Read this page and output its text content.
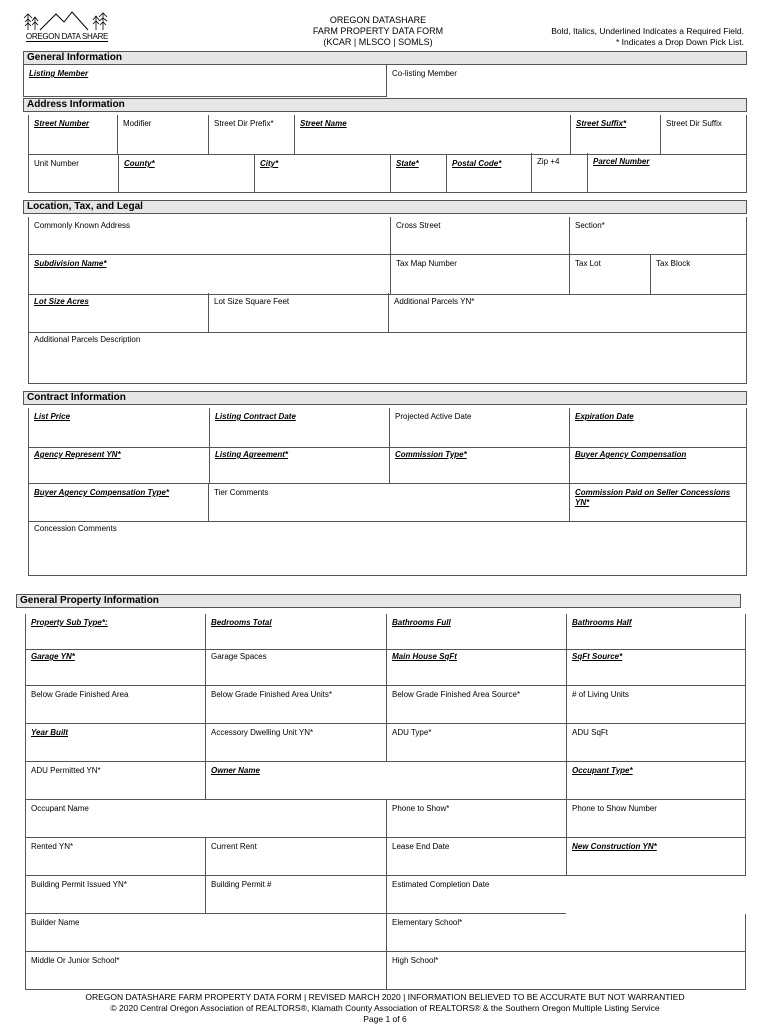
OREGON DATA SHARE
OREGON DATASHARE
FARM PROPERTY DATA FORM
(KCAR | MLSCO | SOMLS)
Bold, Italics, Underlined Indicates a Required Field.
* Indicates a Drop Down Pick List.
General Information
Listing Member	Co-listing Member
Address Information
Street Number	Modifier	Street Dir Prefix*	Street Name	Street Suffix*	Street Dir Suffix
Unit Number	County*	City*	State*	Postal Code*	Zip +4	Parcel Number
Location, Tax, and Legal
Commonly Known Address	Cross Street	Section*
Subdivision Name*	Tax Map Number	Tax Lot	Tax Block
Lot Size Acres	Lot Size Square Feet	Additional Parcels YN*
Additional Parcels Description
Contract Information
List Price	Listing Contract Date	Projected Active Date	Expiration Date
Agency Represent YN*	Listing Agreement*	Commission Type*	Buyer Agency Compensation
Buyer Agency Compensation Type*	Tier Comments	Commission Paid on Seller Concessions YN*
Concession Comments
General Property Information
Property Sub Type*:	Bedrooms Total	Bathrooms Full	Bathrooms Half
Garage YN*	Garage Spaces	Main House SqFt	SqFt Source*
Below Grade Finished Area	Below Grade Finished Area Units*	Below Grade Finished Area Source*	# of Living Units
Year Built	Accessory Dwelling Unit YN*	ADU Type*	ADU SqFt
ADU Permitted YN*	Owner Name	Occupant Type*
Occupant Name	Phone to Show*	Phone to Show Number
Rented YN*	Current Rent	Lease End Date	New Construction YN*
Building Permit Issued YN*	Building Permit #	Estimated Completion Date
Builder Name	Elementary School*
Middle Or Junior School*	High School*
OREGON DATASHARE FARM PROPERTY DATA FORM | REVISED MARCH 2020 | INFORMATION BELIEVED TO BE ACCURATE BUT NOT WARRANTIED
© 2020 Central Oregon Association of REALTORS®, Klamath County Association of REALTORS® & the Southern Oregon Multiple Listing Service
Page 1 of 6
